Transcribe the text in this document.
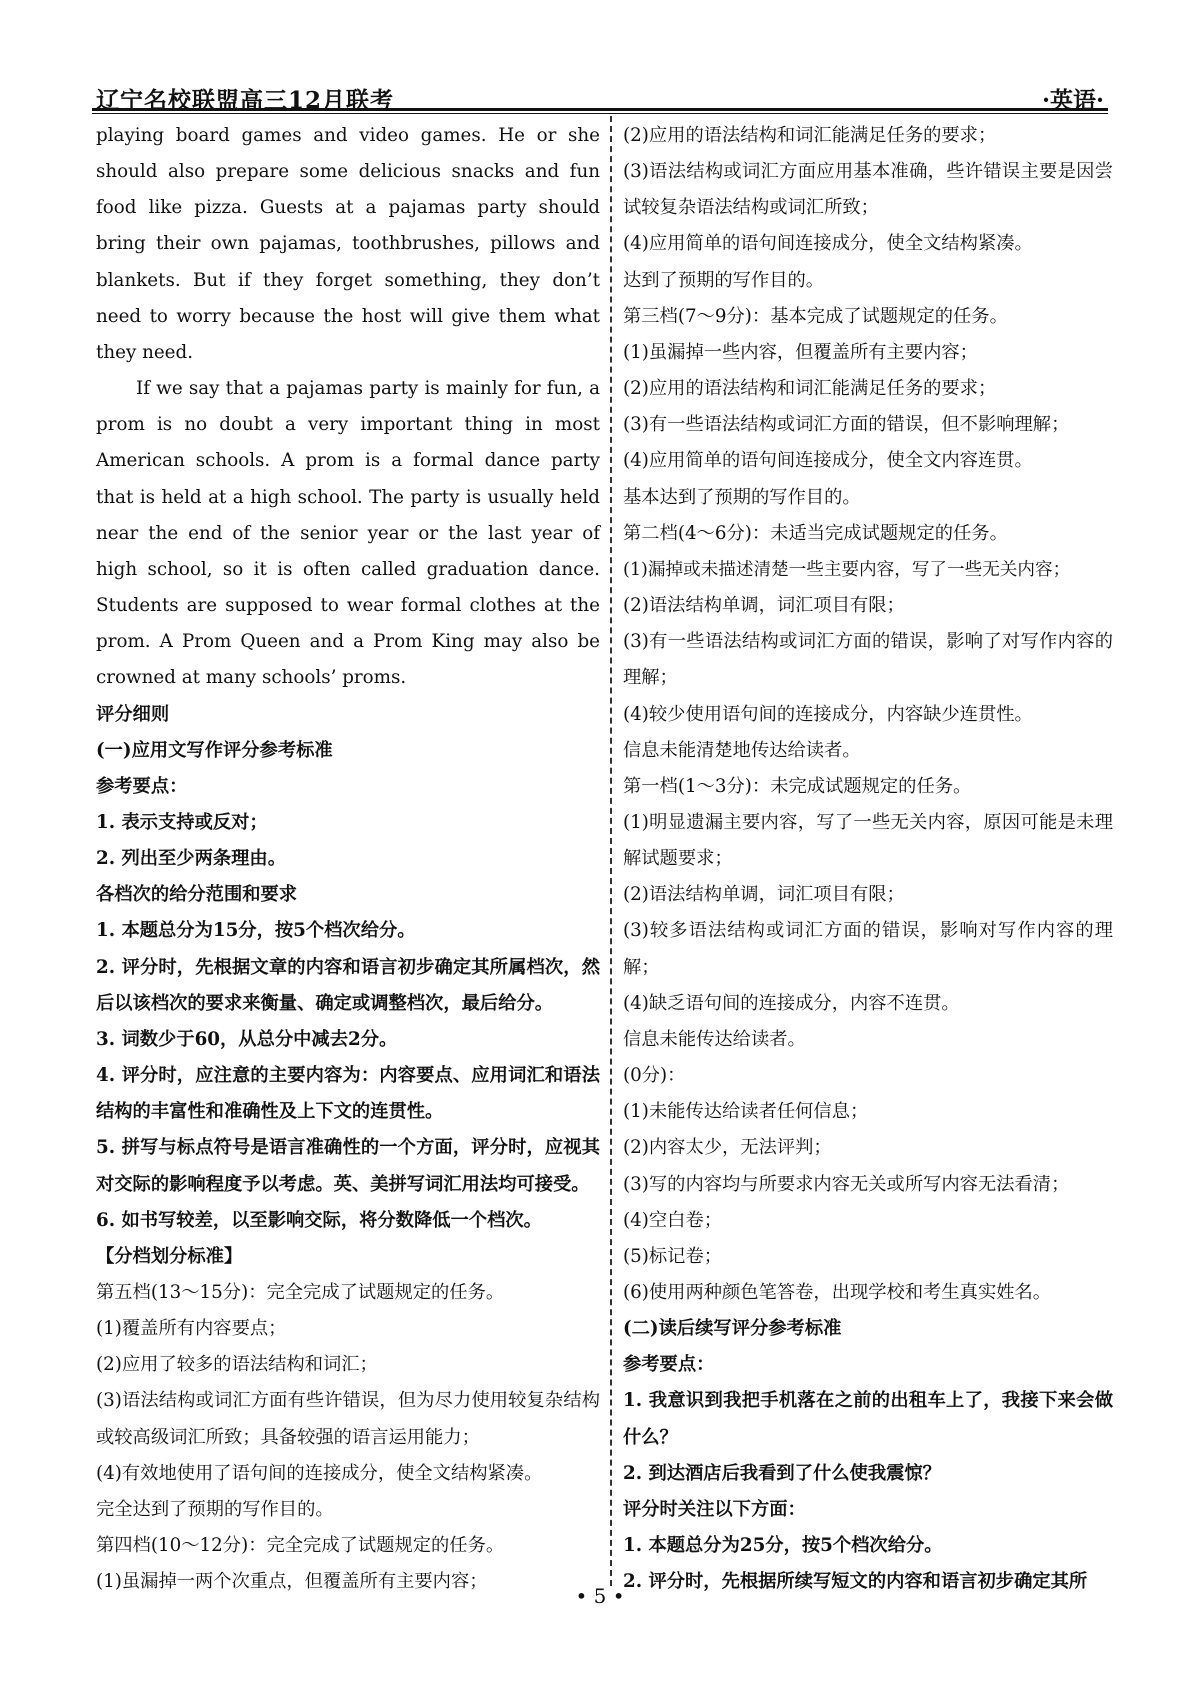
辽宁名校联盟高三12月联考	·英语·

playing board games and video games. He or she should also prepare some delicious snacks and fun food like pizza. Guests at a pajamas party should bring their own pajamas, toothbrushes, pillows and blankets. But if they forget something, they don’t need to worry because the host will give them what they need.

If we say that a pajamas party is mainly for fun, a prom is no doubt a very important thing in most American schools. A prom is a formal dance party that is held at a high school. The party is usually held near the end of the senior year or the last year of high school, so it is often called graduation dance. Students are supposed to wear formal clothes at the prom. A Prom Queen and a Prom King may also be crowned at many schools’ proms.

评分细则

(一)应用文写作评分参考标准

参考要点：

1. 表示支持或反对；

2. 列出至少两条理由。

各档次的给分范围和要求

1. 本题总分为15分，按5个档次给分。

2. 评分时，先根据文章的内容和语言初步确定其所属档次，然后以该档次的要求来衡量、确定或调整档次，最后给分。

3. 词数少于60，从总分中减去2分。

4. 评分时，应注意的主要内容为：内容要点、应用词汇和语法结构的丰富性和准确性及上下文的连贯性。

5. 拼写与标点符号是语言准确性的一个方面，评分时，应视其对交际的影响程度予以考虑。英、美拼写词汇用法均可接受。

6. 如书写较差，以至影响交际，将分数降低一个档次。

【分档划分标准】

第五档(13～15分)：完全完成了试题规定的任务。

(1)覆盖所有内容要点；

(2)应用了较多的语法结构和词汇；

(3)语法结构或词汇方面有些许错误，但为尽力使用较复杂结构或较高级词汇所致；具备较强的语言运用能力；

(4)有效地使用了语句间的连接成分，使全文结构紧凑。

完全达到了预期的写作目的。

第四档(10～12分)：完全完成了试题规定的任务。

(1)虽漏掉一两个次重点，但覆盖所有主要内容；

(2)应用的语法结构和词汇能满足任务的要求；

(3)语法结构或词汇方面应用基本准确，些许错误主要是因尝试较复杂语法结构或词汇所致；

(4)应用简单的语句间连接成分，使全文结构紧凑。

达到了预期的写作目的。

第三档(7～9分)：基本完成了试题规定的任务。

(1)虽漏掉一些内容，但覆盖所有主要内容；

(2)应用的语法结构和词汇能满足任务的要求；

(3)有一些语法结构或词汇方面的错误，但不影响理解；

(4)应用简单的语句间连接成分，使全文内容连贯。

基本达到了预期的写作目的。

第二档(4～6分)：未适当完成试题规定的任务。

(1)漏掉或未描述清楚一些主要内容，写了一些无关内容；

(2)语法结构单调，词汇项目有限；

(3)有一些语法结构或词汇方面的错误，影响了对写作内容的理解；

(4)较少使用语句间的连接成分，内容缺少连贯性。

信息未能清楚地传达给读者。

第一档(1～3分)：未完成试题规定的任务。

(1)明显遗漏主要内容，写了一些无关内容，原因可能是未理解试题要求；

(2)语法结构单调，词汇项目有限；

(3)较多语法结构或词汇方面的错误，影响对写作内容的理解；

(4)缺乏语句间的连接成分，内容不连贯。

信息未能传达给读者。

(0分)：

(1)未能传达给读者任何信息；

(2)内容太少，无法评判；

(3)写的内容均与所要求内容无关或所写内容无法看清；

(4)空白卷；

(5)标记卷；

(6)使用两种颜色笔答卷，出现学校和考生真实姓名。

(二)读后续写评分参考标准

参考要点：

1. 我意识到我把手机落在之前的出租车上了，我接下来会做什么？

2. 到达酒店后我看到了什么使我震惊？

评分时关注以下方面：

1. 本题总分为25分，按5个档次给分。

2. 评分时，先根据所续写短文的内容和语言初步确定其所

• 5 •
